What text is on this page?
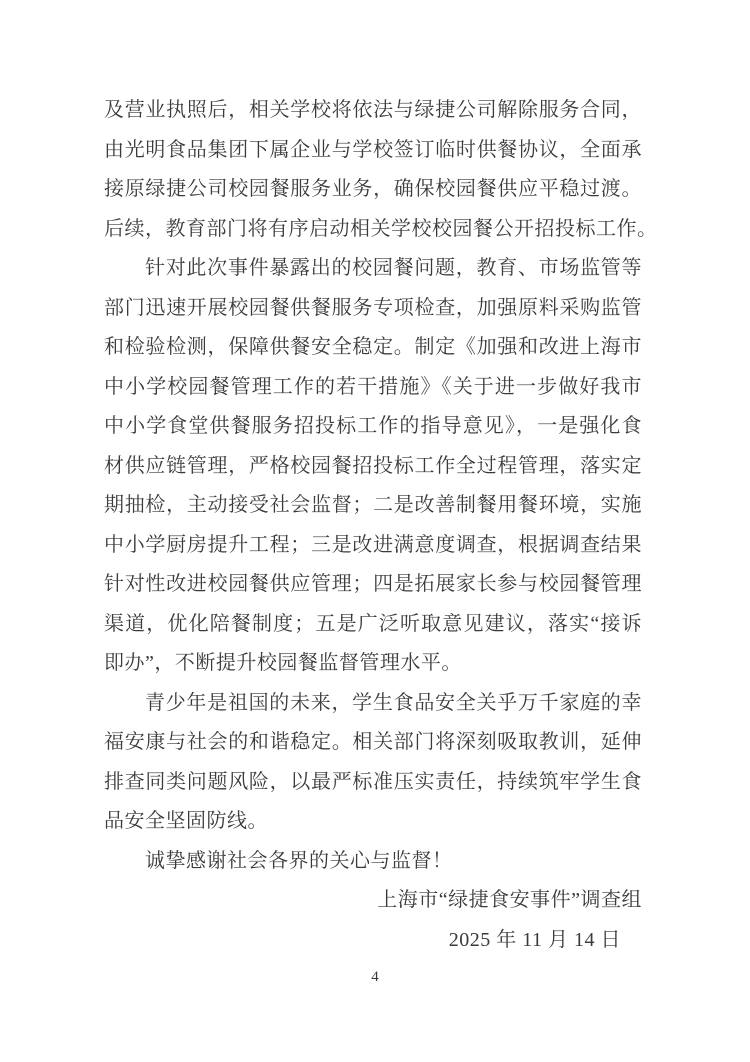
及营业执照后，相关学校将依法与绿捷公司解除服务合同，
由光明食品集团下属企业与学校签订临时供餐协议，全面承
接原绿捷公司校园餐服务业务，确保校园餐供应平稳过渡。
后续，教育部门将有序启动相关学校校园餐公开招投标工作。
针对此次事件暴露出的校园餐问题，教育、市场监管等
部门迅速开展校园餐供餐服务专项检查，加强原料采购监管
和检验检测，保障供餐安全稳定。制定《加强和改进上海市
中小学校园餐管理工作的若干措施》《关于进一步做好我市
中小学食堂供餐服务招投标工作的指导意见》，一是强化食
材供应链管理，严格校园餐招投标工作全过程管理，落实定
期抽检，主动接受社会监督；二是改善制餐用餐环境，实施
中小学厨房提升工程；三是改进满意度调查，根据调查结果
针对性改进校园餐供应管理；四是拓展家长参与校园餐管理
渠道，优化陪餐制度；五是广泛听取意见建议，落实“接诉
即办”，不断提升校园餐监督管理水平。
青少年是祖国的未来，学生食品安全关乎万千家庭的幸
福安康与社会的和谐稳定。相关部门将深刻吸取教训，延伸
排查同类问题风险，以最严标准压实责任，持续筑牢学生食
品安全坚固防线。
诚挚感谢社会各界的关心与监督！
上海市“绿捷食安事件”调查组
2025 年 11 月 14 日
4
